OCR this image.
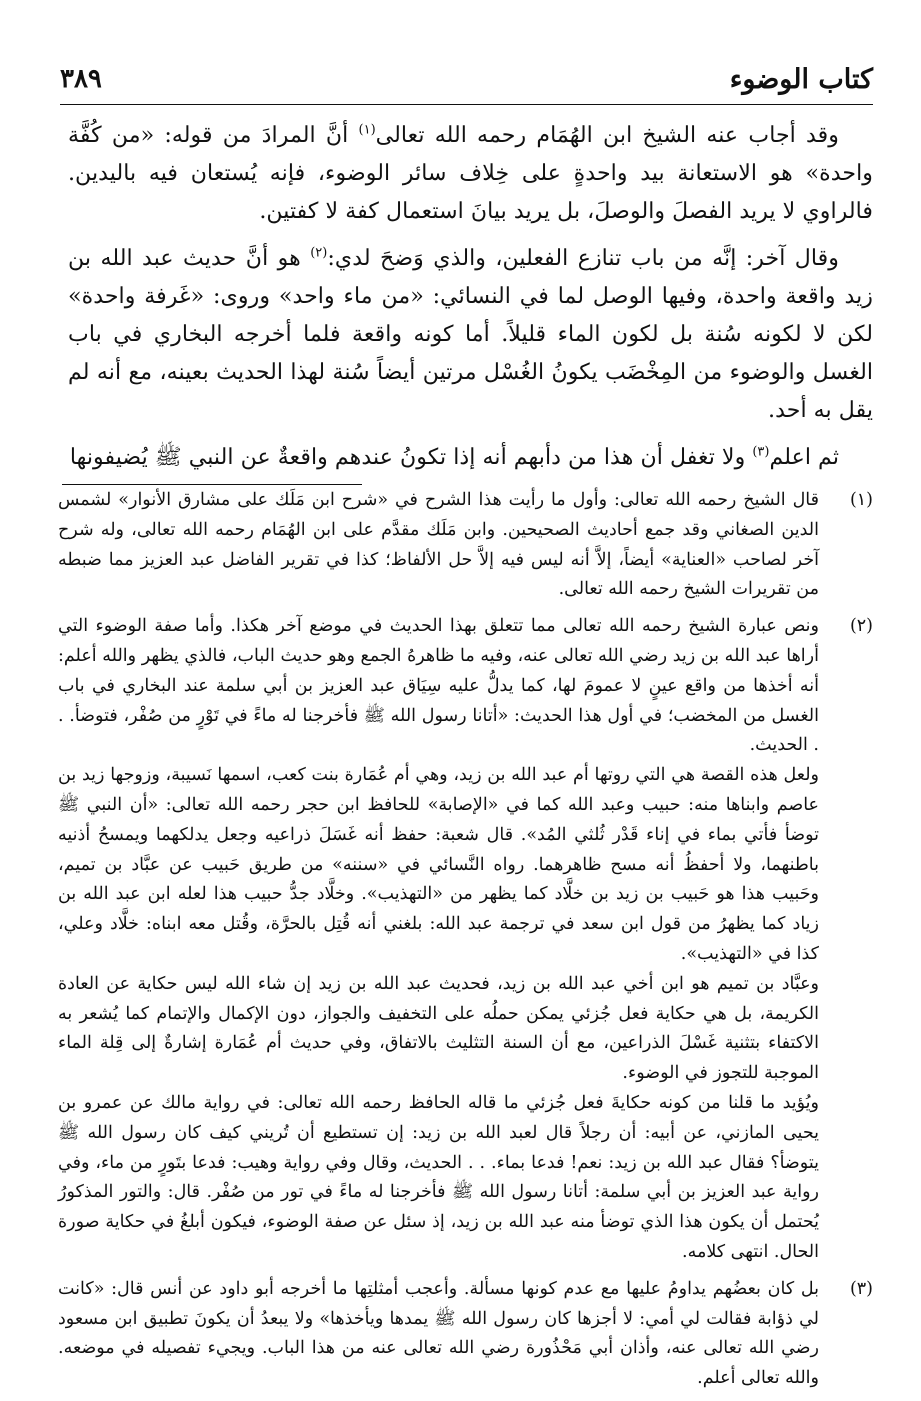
كتاب الوضوء
٣٨٩

وقد أجاب عنه الشيخ ابن الهُمَام رحمه الله تعالى$^{(١)}$ أنَّ المرادَ من قوله: «من كُفَّة واحدة» هو الاستعانة بيد واحدةٍ على خِلاف سائر الوضوء، فإنه يُستعان فيه باليدين. فالراوي لا يريد الفصلَ والوصلَ، بل يريد بيانَ استعمال كفة لا كفتين.

وقال آخر: إنَّه من باب تنازع الفعلين، والذي وَضحَ لدي:$^{(٢)}$ هو أنَّ حديث عبد الله بن زيد واقعة واحدة، وفيها الوصل لما في النسائي: «من ماء واحد» وروى: «غَرفة واحدة» لكن لا لكونه سُنة بل لكون الماء قليلاً. أما كونه واقعة فلما أخرجه البخاري في باب الغسل والوضوء من المِخْضَب يكونُ الغُسْل مرتين أيضاً سُنة لهذا الحديث بعينه، مع أنه لم يقل به أحد.

ثم اعلم$^{(٣)}$ ولا تغفل أن هذا من دأبهم أنه إذا تكونُ عندهم واقعةٌ عن النبي ﷺ يُضيفونها

(١)

قال الشيخ رحمه الله تعالى: وأول ما رأيت هذا الشرح في «شرح ابن مَلَك على مشارق الأنوار» لشمس الدين الصغاني وقد جمع أحاديث الصحيحين. وابن مَلَك مقدَّم على ابن الهُمَام رحمه الله تعالى، وله شرح آخر لصاحب «العناية» أيضاً، إلاَّ أنه ليس فيه إلاَّ حل الألفاظ؛ كذا في تقرير الفاضل عبد العزيز مما ضبطه من تقريرات الشيخ رحمه الله تعالى.

(٢)

ونص عبارة الشيخ رحمه الله تعالى مما تتعلق بهذا الحديث في موضع آخر هكذا. وأما صفة الوضوء التي أراها عبد الله بن زيد رضي الله تعالى عنه، وفيه ما ظاهرهُ الجمع وهو حديث الباب، فالذي يظهر والله أعلم: أنه أخذها من واقع عينٍ لا عمومَ لها، كما يدلُّ عليه سِيَاق عبد العزيز بن أبي سلمة عند البخاري في باب الغسل من المخضب؛ في أول هذا الحديث: «أتانا رسول الله ﷺ فأخرجنا له ماءً في تَوْرٍ من صُفْر، فتوضأ. . . الحديث.

ولعل هذه القصة هي التي روتها أم عبد الله بن زيد، وهي أم عُمَارة بنت كعب، اسمها نَسيبة، وزوجها زيد بن عاصم وابناها منه: حبيب وعبد الله كما في «الإصابة» للحافظ ابن حجر رحمه الله تعالى: «أن النبي ﷺ توضأ فأتي بماء في إناء قَدْر ثُلثي المُد». قال شعبة: حفظ أنه غَسَلَ ذراعيه وجعل يدلكهما ويمسحُ أذنيه باطنهما، ولا أحفظُ أنه مسح ظاهرهما. رواه النَّسائي في «سننه» من طريق حَبيب عن عبَّاد بن تميم، وحَبيب هذا هو حَبيب بن زيد بن خلَّاد كما يظهر من «التهذيب». وخلَّاد جدُّ حبيب هذا لعله ابن عبد الله بن زياد كما يظهرُ من قول ابن سعد في ترجمة عبد الله: بلغني أنه قُتِل بالحرَّة، وقُتل معه ابناه: خلَّاد وعلي، كذا في «التهذيب».

وعبَّاد بن تميم هو ابن أخي عبد الله بن زيد، فحديث عبد الله بن زيد إن شاء الله ليس حكاية عن العادة الكريمة، بل هي حكاية فعل جُزئي يمكن حملُه على التخفيف والجواز، دون الإكمال والإتمام كما يُشعر به الاكتفاء بتثنية غَسْلَ الذراعين، مع أن السنة التثليث بالاتفاق، وفي حديث أم عُمَارة إشارةٌ إلى قِلة الماء الموجبة للتجوز في الوضوء.

ويُؤيد ما قلنا من كونه حكايةَ فعل جُزئي ما قاله الحافظ رحمه الله تعالى: في رواية مالك عن عمرو بن يحيى المازني، عن أبيه: أن رجلاً قال لعبد الله بن زيد: إن تستطيع أن تُريني كيف كان رسول الله ﷺ يتوضأ؟ فقال عبد الله بن زيد: نعم! فدعا بماء. . . الحديث، وقال وفي رواية وهيب: فدعا بتَورٍ من ماء، وفي رواية عبد العزيز بن أبي سلمة: أتانا رسول الله ﷺ فأخرجنا له ماءً في تور من صُفْر. قال: والتور المذكورُ يُحتمل أن يكون هذا الذي توضأ منه عبد الله بن زيد، إذ سئل عن صفة الوضوء، فيكون أبلغُ في حكاية صورة الحال. انتهى كلامه.

(٣)

بل كان بعضُهم يداومُ عليها مع عدم كونها مسألة. وأعجب أمثلتِها ما أخرجه أبو داود عن أنس قال: «كانت لي ذؤابة فقالت لي أمي: لا أجزها كان رسول الله ﷺ يمدها ويأخذها» ولا يبعدُ أن يكونَ تطبيق ابن مسعود رضي الله تعالى عنه، وأذان أبي مَحْذُورة رضي الله تعالى عنه من هذا الباب. ويجيء تفصيله في موضعه. والله تعالى أعلم.
